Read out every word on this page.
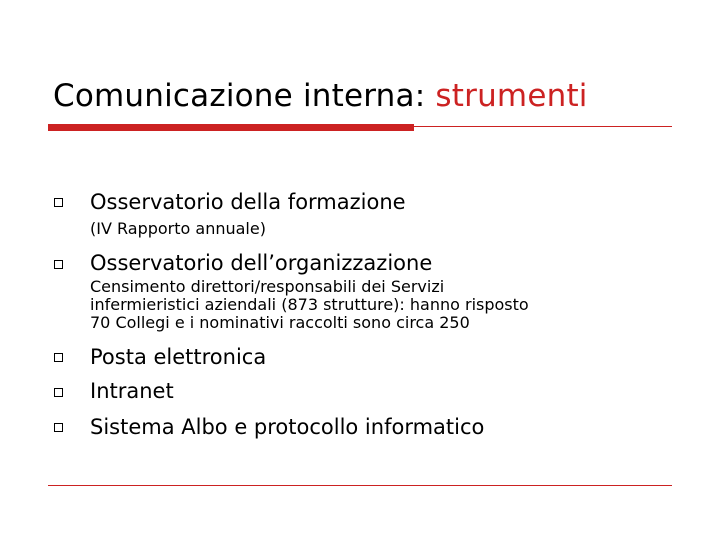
Comunicazione interna: strumenti
Osservatorio della formazione
(IV Rapporto annuale)
Osservatorio dell’organizzazione
Censimento direttori/responsabili dei Servizi
infermieristici aziendali (873 strutture): hanno risposto
70 Collegi e i nominativi raccolti sono circa 250
Posta elettronica
Intranet
Sistema Albo e protocollo informatico
